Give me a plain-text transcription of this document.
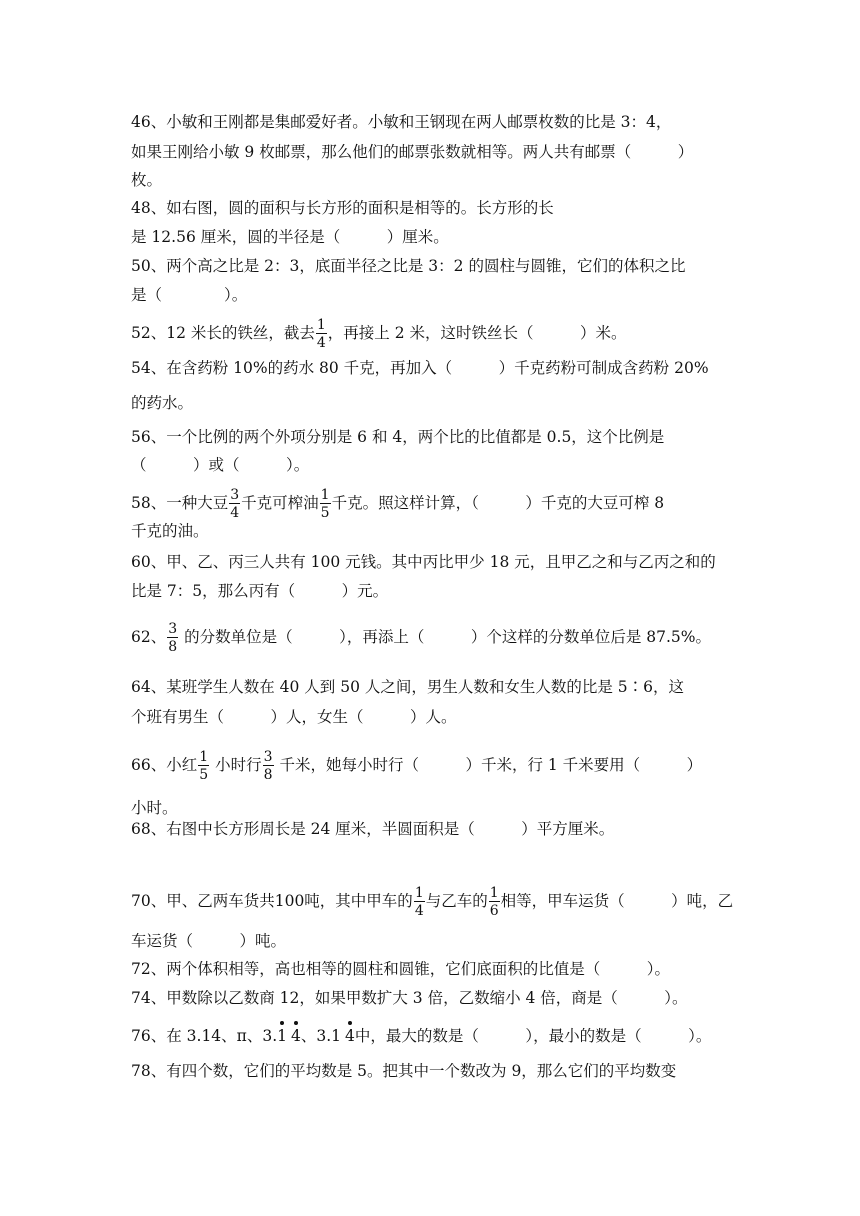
46、小敏和王刚都是集邮爱好者。小敏和王钢现在两人邮票枚数的比是 3：4，
如果王刚给小敏 9 枚邮票，那么他们的邮票张数就相等。两人共有邮票（　　　）
枚。
48、如右图，圆的面积与长方形的面积是相等的。长方形的长
是 12.56 厘米，圆的半径是（　　　）厘米。
50、两个高之比是 2：3，底面半径之比是 3：2 的圆柱与圆锥，它们的体积之比
是（　　　　）。
52、12 米长的铁丝，截去 $\frac{1}{4}$ ，再接上 2 米，这时铁丝长（　　　）米。
54、在含药粉 10%的药水 80 千克，再加入（　　　）千克药粉可制成含药粉 20%
的药水。
56、一个比例的两个外项分别是 6 和 4，两个比的比值都是 0.5，这个比例是
（　　　）或（　　　）。
58、一种大豆 $\frac{3}{4}$ 千克可榨油 $\frac{1}{5}$ 千克。照这样计算，（　　　）千克的大豆可榨 8
千克的油。
60、甲、乙、丙三人共有 100 元钱。其中丙比甲少 18 元，且甲乙之和与乙丙之和的
比是 7：5，那么丙有（　　　）元。
62、 $\frac{3}{8}$ 的分数单位是（　　　），再添上（　　　）个这样的分数单位后是 87.5%。
64、某班学生人数在 40 人到 50 人之间，男生人数和女生人数的比是 5∶6，这
个班有男生（　　　）人，女生（　　　）人。
66、小红 $\frac{1}{5}$ 小时行 $\frac{3}{8}$ 千米，她每小时行（　　　）千米，行 1 千米要用（　　　）
小时。
68、右图中长方形周长是 24 厘米，半圆面积是（　　　）平方厘米。
70、甲、乙两车货共100吨，其中甲车的 $\frac{1}{4}$ 与乙车的 $\frac{1}{6}$ 相等，甲车运货（　　　）吨，乙
车运货（　　　）吨。
72、两个体积相等，高也相等的圆柱和圆锥，它们底面积的比值是（　　　）。
74、甲数除以乙数商 12，如果甲数扩大 3 倍，乙数缩小 4 倍，商是（　　　）。
76、在 3.14、π、3.1 4、3.1 4中，最大的数是（　　　），最小的数是（　　　）。
78、有四个数，它们的平均数是 5。把其中一个数改为 9，那么它们的平均数变
